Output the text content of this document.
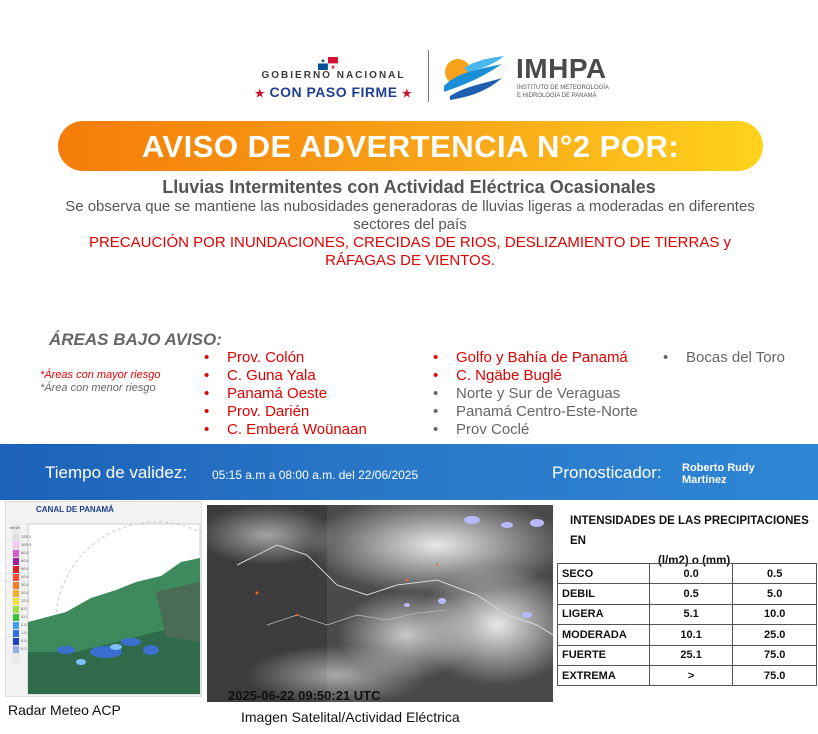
GOBIERNO NACIONAL
★ CON PASO FIRME ★
IMHPA
INSTITUTO DE METEOROLOGÍA
E HIDROLOGÍA DE PANAMÁ
AVISO DE ADVERTENCIA N°2 POR:
Lluvias Intermitentes con Actividad Eléctrica Ocasionales
Se observa que se mantiene las nubosidades generadoras de lluvias ligeras a moderadas en diferentes sectores del país
PRECAUCIÓN POR INUNDACIONES, CRECIDAS DE RIOS, DESLIZAMIENTO DE TIERRAS y RÁFAGAS DE VIENTOS.
ÁREAS BAJO AVISO:
*Áreas con mayor riesgo
*Área con menor riesgo
• Prov. Colón
• C. Guna Yala
• Panamá Oeste
• Prov. Darién
• C. Emberá Woünaan
• Golfo y Bahía de Panamá
• C. Ngäbe Buglé
• Norte y Sur de Veraguas
• Panamá Centro-Este-Norte
• Prov Coclé
• Bocas del Toro
Tiempo de validez: 05:15 a.m a 08:00 a.m. del 22/06/2025	Pronosticador: Roberto Rudy Martínez
CANAL DE PANAMÁ
mm/h
125.0
100.0
80.0
60.0
50.0
40.0
30.0
20.0
12.0
8.0
4.0
2.0
1.0
0.5
0.2
Radar Meteo ACP
2025-06-22 09:50:21 UTC
Imagen Satelital/Actividad Eléctrica
INTENSIDADES DE LAS PRECIPITACIONES EN
(l/m2) o (mm)
SECO	0.0	0.5
DEBIL	0.5	5.0
LIGERA	5.1	10.0
MODERADA	10.1	25.0
FUERTE	25.1	75.0
EXTREMA	>	75.0
